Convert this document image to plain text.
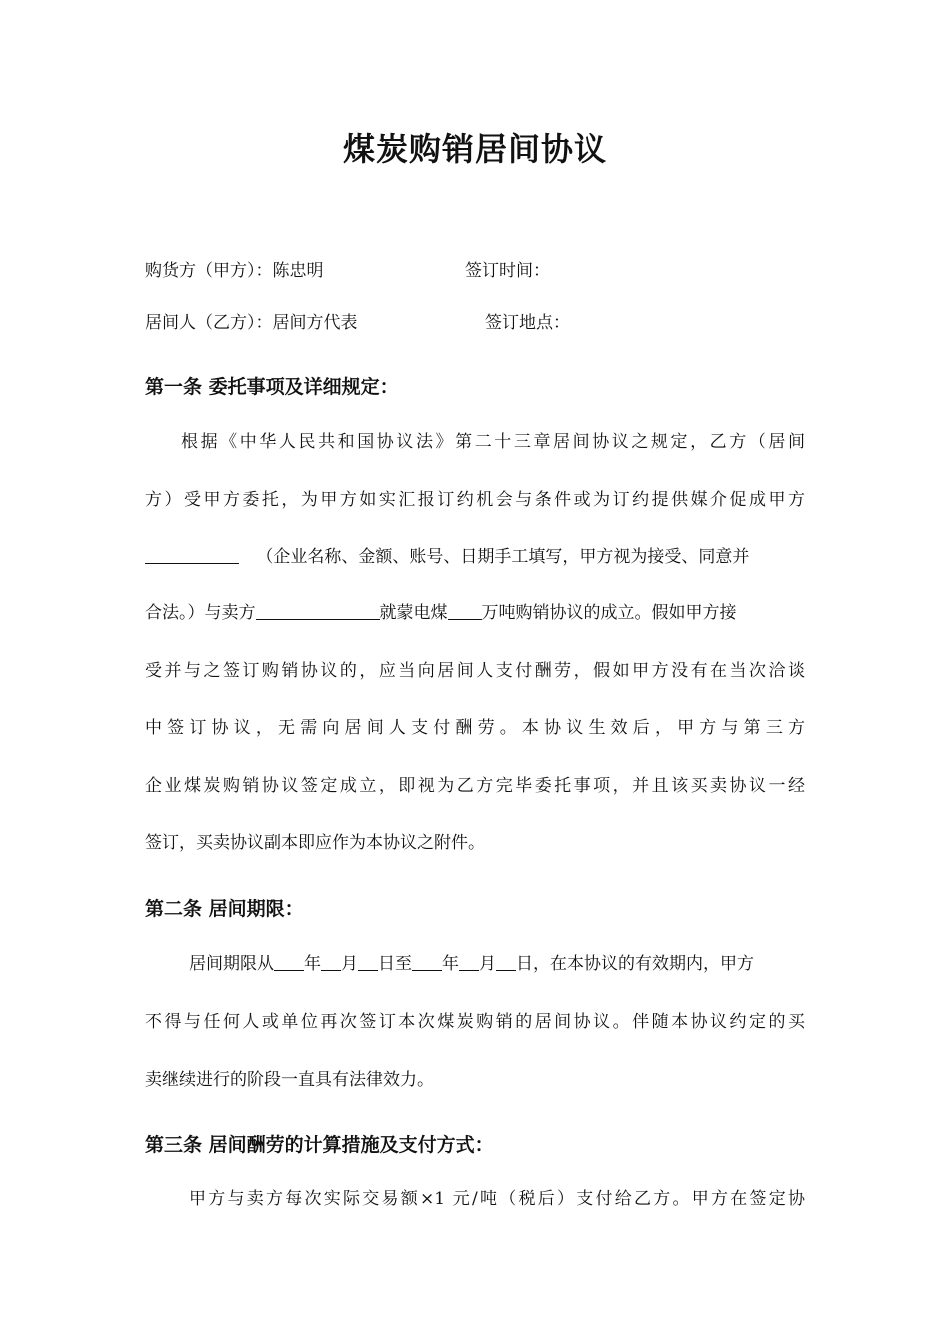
煤炭购销居间协议
购货方（甲方）：陈忠明	签订时间：
居间人（乙方）：居间方代表	签订地点：
第一条 委托事项及详细规定：
根据《中华人民共和国协议法》第二十三章居间协议之规定，乙方（居间
方）受甲方委托，为甲方如实汇报订约机会与条件或为订约提供媒介促成甲方
（企业名称、金额、账号、日期手工填写，甲方视为接受、同意并
合法。）与卖方	就蒙电煤 万吨购销协议的成立。假如甲方接
受并与之签订购销协议的，应当向居间人支付酬劳，假如甲方没有在当次洽谈
中签订协议，无需向居间人支付酬劳。本协议生效后，甲方与第三方
企业煤炭购销协议签定成立，即视为乙方完毕委托事项，并且该买卖协议一经
签订，买卖协议副本即应作为本协议之附件。
第二条 居间期限：
居间期限从 年 月 日至 年 月 日，在本协议的有效期内，甲方
不得与任何人或单位再次签订本次煤炭购销的居间协议。伴随本协议约定的买
卖继续进行的阶段一直具有法律效力。
第三条 居间酬劳的计算措施及支付方式：
甲方与卖方每次实际交易额×1 元/吨（税后）支付给乙方。甲方在签定协
